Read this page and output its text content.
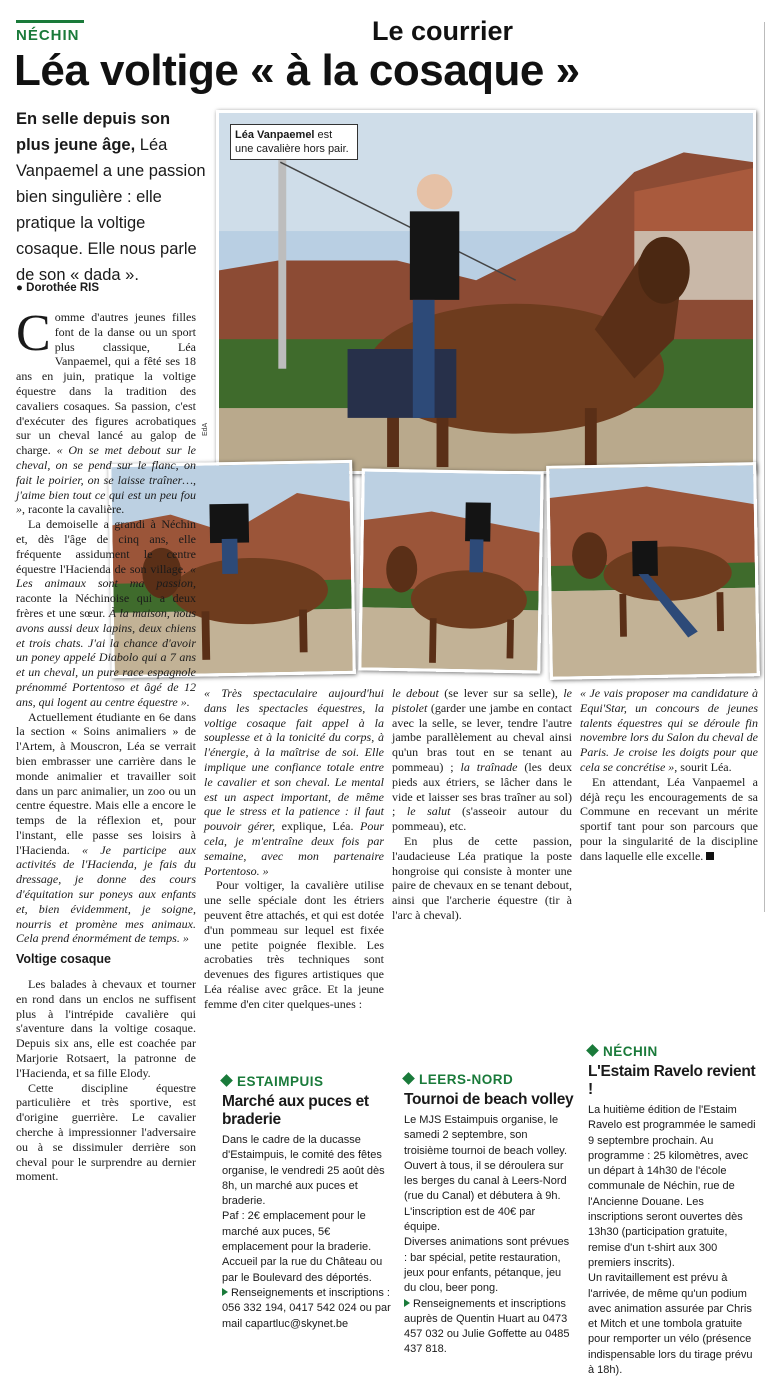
NÉCHIN	Le courrier
Léa voltige « à la cosaque »
En selle depuis son plus jeune âge, Léa Vanpaemel a une passion bien singulière : elle pratique la voltige cosaque. Elle nous parle de son « dada ».
● Dorothée RIS
Léa Vanpaemel est une cavalière hors pair.
EdA

Comme d'autres jeunes filles font de la danse ou un sport plus classique, Léa Vanpaemel, qui a fêté ses 18 ans en juin, pratique la voltige équestre dans la tradition des cavaliers cosaques. Sa passion, c'est d'exécuter des figures acrobatiques sur un cheval lancé au galop de charge. « On se met debout sur le cheval, on se pend sur le flanc, on fait le poirier, on se laisse traîner…, j'aime bien tout ce qui est un peu fou », raconte la cavalière.

La demoiselle a grandi à Néchin et, dès l'âge de cinq ans, elle fréquente assidument le centre équestre l'Hacienda de son village. « Les animaux sont ma passion, raconte la Néchinoise qui a deux frères et une sœur. À la maison, nous avons aussi deux lapins, deux chiens et trois chats. J'ai la chance d'avoir un poney appelé Diabolo qui a 7 ans et un cheval, un pure race espagnole prénommé Portentoso et âgé de 12 ans, qui logent au centre équestre ».

Actuellement étudiante en 6e dans la section « Soins animaliers » de l'Artem, à Mouscron, Léa se verrait bien embrasser une carrière dans le monde animalier et travailler soit dans un parc animalier, un zoo ou un centre équestre. Mais elle a encore le temps de la réflexion et, pour l'instant, elle passe ses loisirs à l'Hacienda. « Je participe aux activités de l'Hacienda, je fais du dressage, je donne des cours d'équitation sur poneys aux enfants et, bien évidemment, je soigne, nourris et promène mes animaux. Cela prend énormément de temps. »

Voltige cosaque

Les balades à chevaux et tourner en rond dans un enclos ne suffisent plus à l'intrépide cavalière qui s'aventure dans la voltige cosaque. Depuis six ans, elle est coachée par Marjorie Rotsaert, la patronne de l'Hacienda, et sa fille Elody.

Cette discipline équestre particulière et très sportive, est d'origine guerrière. Le cavalier cherche à impressionner l'adversaire ou à se dissimuler derrière son cheval pour le surprendre au dernier moment.

« Très spectaculaire aujourd'hui dans les spectacles équestres, la voltige cosaque fait appel à la souplesse et à la tonicité du corps, à l'énergie, à la maîtrise de soi. Elle implique une confiance totale entre le cavalier et son cheval. Le mental est un aspect important, de même que le stress et la patience : il faut pouvoir gérer, explique, Léa. Pour cela, je m'entraîne deux fois par semaine, avec mon partenaire Portentoso. »

Pour voltiger, la cavalière utilise une selle spéciale dont les étriers peuvent être attachés, et qui est dotée d'un pommeau sur lequel est fixée une petite poignée flexible. Les acrobaties très techniques sont devenues des figures artistiques que Léa réalise avec grâce. Et la jeune femme d'en citer quelques-unes :

le debout (se lever sur sa selle), le pistolet (garder une jambe en contact avec la selle, se lever, tendre l'autre jambe parallèlement au cheval ainsi qu'un bras tout en se tenant au pommeau) ; la traînade (les deux pieds aux étriers, se lâcher dans le vide et laisser ses bras traîner au sol) ; le salut (s'asseoir autour du pommeau), etc.

En plus de cette passion, l'audacieuse Léa pratique la poste hongroise qui consiste à monter une paire de chevaux en se tenant debout, ainsi que l'archerie équestre (tir à l'arc à cheval).

« Je vais proposer ma candidature à Equi'Star, un concours de jeunes talents équestres qui se déroule fin novembre lors du Salon du cheval de Paris. Je croise les doigts pour que cela se concrétise », sourit Léa.

En attendant, Léa Vanpaemel a déjà reçu les encouragements de sa Commune en recevant un mérite sportif tant pour son parcours que pour la singularité de la discipline dans laquelle elle excelle.

ESTAIMPUIS
Marché aux puces et braderie
Dans le cadre de la ducasse d'Estaimpuis, le comité des fêtes organise, le vendredi 25 août dès 8h, un marché aux puces et braderie.
Paf : 2€ emplacement pour le marché aux puces, 5€ emplacement pour la braderie.
Accueil par la rue du Château ou par le Boulevard des déportés.
Renseignements et inscriptions : 056 332 194, 0417 542 024 ou par mail capartluc@skynet.be
LEERS-NORD
Tournoi de beach volley
Le MJS Estaimpuis organise, le samedi 2 septembre, son troisième tournoi de beach volley. Ouvert à tous, il se déroulera sur les berges du canal à Leers-Nord (rue du Canal) et débutera à 9h. L'inscription est de 40€ par équipe.
Diverses animations sont prévues : bar spécial, petite restauration, jeux pour enfants, pétanque, jeu du clou, beer pong.
Renseignements et inscriptions auprès de Quentin Huart au 0473 457 032 ou Julie Goffette au 0485 437 818.
NÉCHIN
L'Estaim Ravelo revient !
La huitième édition de l'Estaim Ravelo est programmée le samedi 9 septembre prochain. Au programme : 25 kilomètres, avec un départ à 14h30 de l'école communale de Néchin, rue de l'Ancienne Douane. Les inscriptions seront ouvertes dès 13h30 (participation gratuite, remise d'un t-shirt aux 300 premiers inscrits).
Un ravitaillement est prévu à l'arrivée, de même qu'un podium avec animation assurée par Chris et Mitch et une tombola gratuite pour remporter un vélo (présence indispensable lors du tirage prévu à 18h).
